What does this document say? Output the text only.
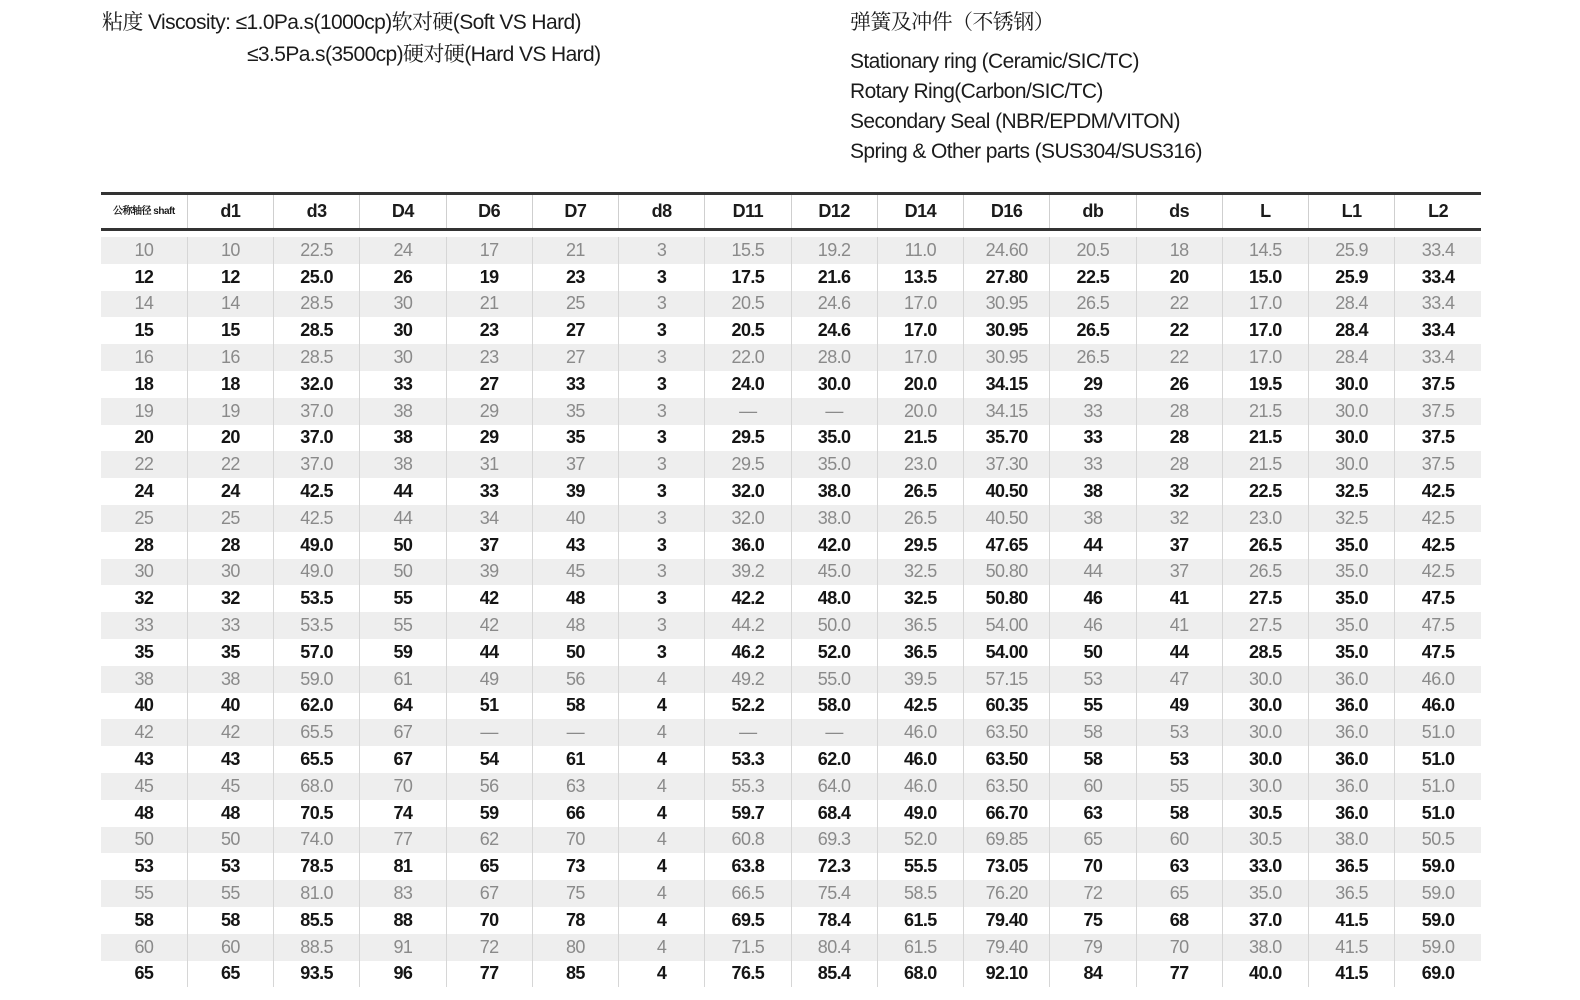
粘度 Viscosity: ≤1.0Pa.s(1000cp)软对硬(Soft VS Hard)
≤3.5Pa.s(3500cp)硬对硬(Hard VS Hard)
弹簧及冲件（不锈钢）
Stationary ring (Ceramic/SIC/TC)
Rotary Ring(Carbon/SIC/TC)
Secondary Seal (NBR/EPDM/VITON)
Spring & Other parts (SUS304/SUS316)
公称轴径 shaft	d1	d3	D4	D6	D7	d8	D11	D12	D14	D16	db	ds	L	L1	L2

10	10	22.5	24	17	21	3	15.5	19.2	11.0	24.60	20.5	18	14.5	25.9	33.4
12	12	25.0	26	19	23	3	17.5	21.6	13.5	27.80	22.5	20	15.0	25.9	33.4
14	14	28.5	30	21	25	3	20.5	24.6	17.0	30.95	26.5	22	17.0	28.4	33.4
15	15	28.5	30	23	27	3	20.5	24.6	17.0	30.95	26.5	22	17.0	28.4	33.4
16	16	28.5	30	23	27	3	22.0	28.0	17.0	30.95	26.5	22	17.0	28.4	33.4
18	18	32.0	33	27	33	3	24.0	30.0	20.0	34.15	29	26	19.5	30.0	37.5
19	19	37.0	38	29	35	3	—	—	20.0	34.15	33	28	21.5	30.0	37.5
20	20	37.0	38	29	35	3	29.5	35.0	21.5	35.70	33	28	21.5	30.0	37.5
22	22	37.0	38	31	37	3	29.5	35.0	23.0	37.30	33	28	21.5	30.0	37.5
24	24	42.5	44	33	39	3	32.0	38.0	26.5	40.50	38	32	22.5	32.5	42.5
25	25	42.5	44	34	40	3	32.0	38.0	26.5	40.50	38	32	23.0	32.5	42.5
28	28	49.0	50	37	43	3	36.0	42.0	29.5	47.65	44	37	26.5	35.0	42.5
30	30	49.0	50	39	45	3	39.2	45.0	32.5	50.80	44	37	26.5	35.0	42.5
32	32	53.5	55	42	48	3	42.2	48.0	32.5	50.80	46	41	27.5	35.0	47.5
33	33	53.5	55	42	48	3	44.2	50.0	36.5	54.00	46	41	27.5	35.0	47.5
35	35	57.0	59	44	50	3	46.2	52.0	36.5	54.00	50	44	28.5	35.0	47.5
38	38	59.0	61	49	56	4	49.2	55.0	39.5	57.15	53	47	30.0	36.0	46.0
40	40	62.0	64	51	58	4	52.2	58.0	42.5	60.35	55	49	30.0	36.0	46.0
42	42	65.5	67	—	—	4	—	—	46.0	63.50	58	53	30.0	36.0	51.0
43	43	65.5	67	54	61	4	53.3	62.0	46.0	63.50	58	53	30.0	36.0	51.0
45	45	68.0	70	56	63	4	55.3	64.0	46.0	63.50	60	55	30.0	36.0	51.0
48	48	70.5	74	59	66	4	59.7	68.4	49.0	66.70	63	58	30.5	36.0	51.0
50	50	74.0	77	62	70	4	60.8	69.3	52.0	69.85	65	60	30.5	38.0	50.5
53	53	78.5	81	65	73	4	63.8	72.3	55.5	73.05	70	63	33.0	36.5	59.0
55	55	81.0	83	67	75	4	66.5	75.4	58.5	76.20	72	65	35.0	36.5	59.0
58	58	85.5	88	70	78	4	69.5	78.4	61.5	79.40	75	68	37.0	41.5	59.0
60	60	88.5	91	72	80	4	71.5	80.4	61.5	79.40	79	70	38.0	41.5	59.0
65	65	93.5	96	77	85	4	76.5	85.4	68.0	92.10	84	77	40.0	41.5	69.0
